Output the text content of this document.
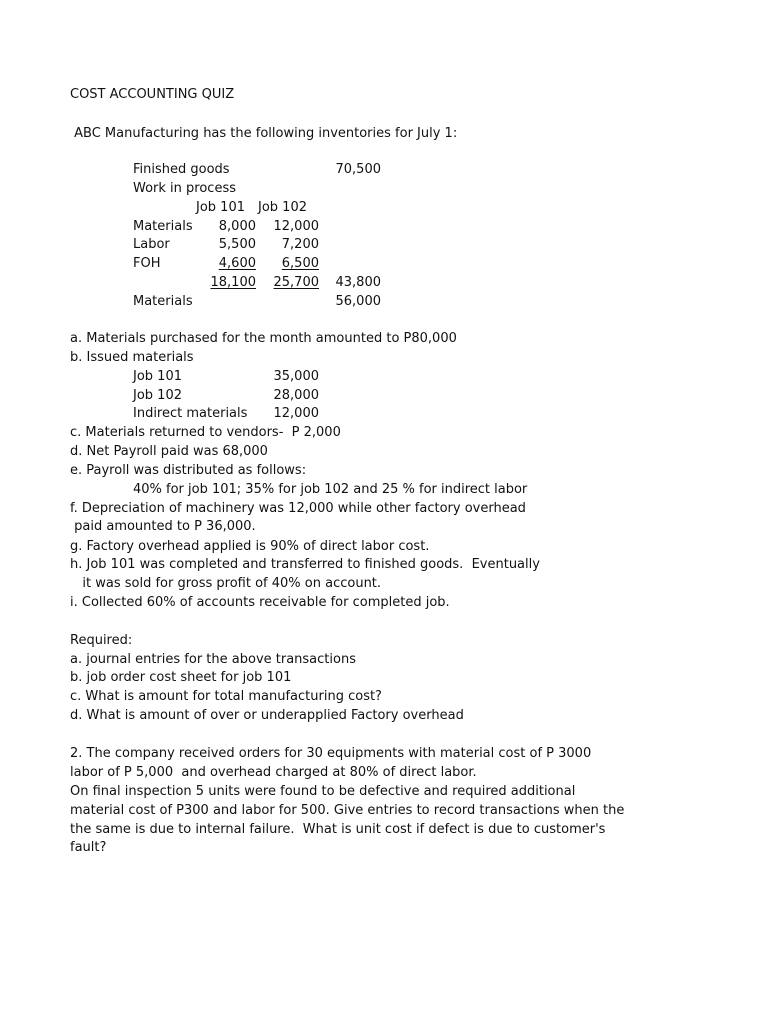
COST ACCOUNTING QUIZ
ABC Manufacturing has the following inventories for July 1:
Finished goods	70,500
Work in process
Job 101 Job 102
Materials	8,000	12,000
Labor	5,500	7,200
FOH	4,600	6,500
18,100	25,700	43,800
Materials	56,000
a. Materials purchased for the month amounted to P80,000
b. Issued materials
Job 101	35,000
Job 102	28,000
Indirect materials	12,000
c. Materials returned to vendors-  P 2,000
d. Net Payroll paid was 68,000
e. Payroll was distributed as follows:
40% for job 101; 35% for job 102 and 25 % for indirect labor
f. Depreciation of machinery was 12,000 while other factory overhead
paid amounted to P 36,000.
g. Factory overhead applied is 90% of direct labor cost.
h. Job 101 was completed and transferred to finished goods.  Eventually
it was sold for gross profit of 40% on account.
i. Collected 60% of accounts receivable for completed job.
Required:
a. journal entries for the above transactions
b. job order cost sheet for job 101
c. What is amount for total manufacturing cost?
d. What is amount of over or underapplied Factory overhead
2. The company received orders for 30 equipments with material cost of P 3000
labor of P 5,000  and overhead charged at 80% of direct labor.
On final inspection 5 units were found to be defective and required additional
material cost of P300 and labor for 500. Give entries to record transactions when the
the same is due to internal failure.  What is unit cost if defect is due to customer's
fault?
